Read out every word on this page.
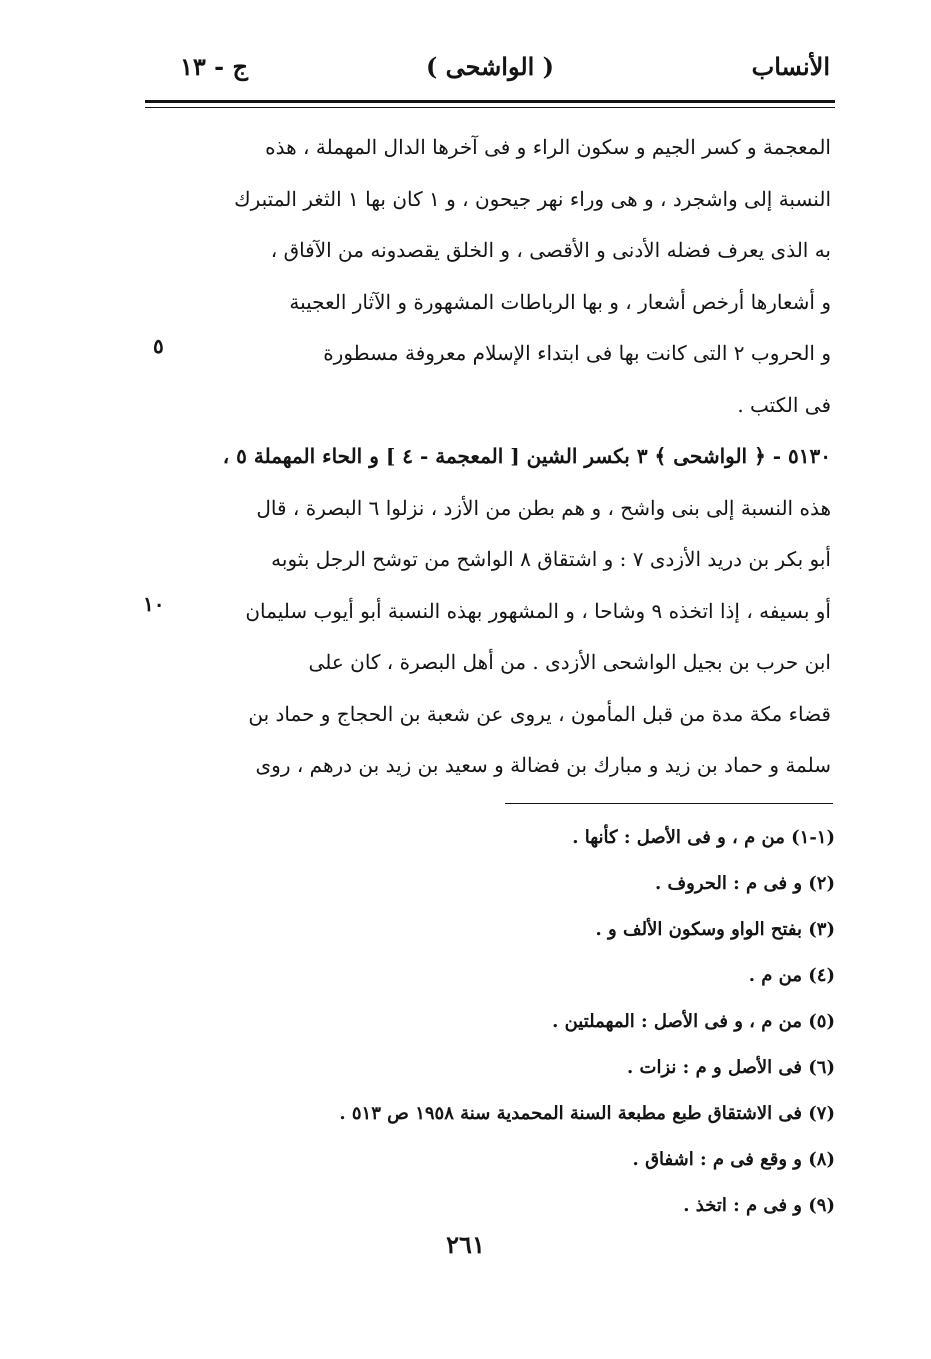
الأنساب
( الواشحى )
ج - ١٣
المعجمة و كسر الجيم و سكون الراء و فى آخرها الدال المهملة ، هذه
النسبة إلى واشجرد ، و هى وراء نهر جيحون ، و ١ كان بها ١ الثغر المتبرك
به الذى يعرف فضله الأدنى و الأقصى ، و الخلق يقصدونه من الآفاق ،
و أشعارها أرخص أشعار ، و بها الرباطات المشهورة و الآثار العجيبة
و الحروب ٢ التى كانت بها فى ابتداء الإسلام معروفة مسطورة
فى الكتب .
٥١٣٠ - ﴿ الواشحى ﴾ ٣ بكسر الشين [ المعجمة - ٤ ] و الحاء المهملة ٥ ،
هذه النسبة إلى بنى واشح ، و هم بطن من الأزد ، نزلوا ٦ البصرة ، قال
أبو بكر بن دريد الأزدى ٧ : و اشتقاق ٨ الواشح من توشح الرجل بثوبه
أو بسيفه ، إذا اتخذه ٩ وشاحا ، و المشهور بهذه النسبة أبو أيوب سليمان
ابن حرب بن بجيل الواشحى الأزدى . من أهل البصرة ، كان على
قضاء مكة مدة من قبل المأمون ، يروى عن شعبة بن الحجاج و حماد بن
سلمة و حماد بن زيد و مبارك بن فضالة و سعيد بن زيد بن درهم ، روى
٥
١٠
(١-١) من م ، و فى الأصل : كأنها .
(٢) و فى م : الحروف .
(٣) بفتح الواو وسكون الألف و .
(٤) من م .
(٥) من م ، و فى الأصل : المهملتين .
(٦) فى الأصل و م : نزات .
(٧) فى الاشتقاق طبع مطبعة السنة المحمدية سنة ١٩٥٨ ص ٥١٣ .
(٨) و وقع فى م : اشفاق .
(٩) و فى م : اتخذ .
٢٦١
